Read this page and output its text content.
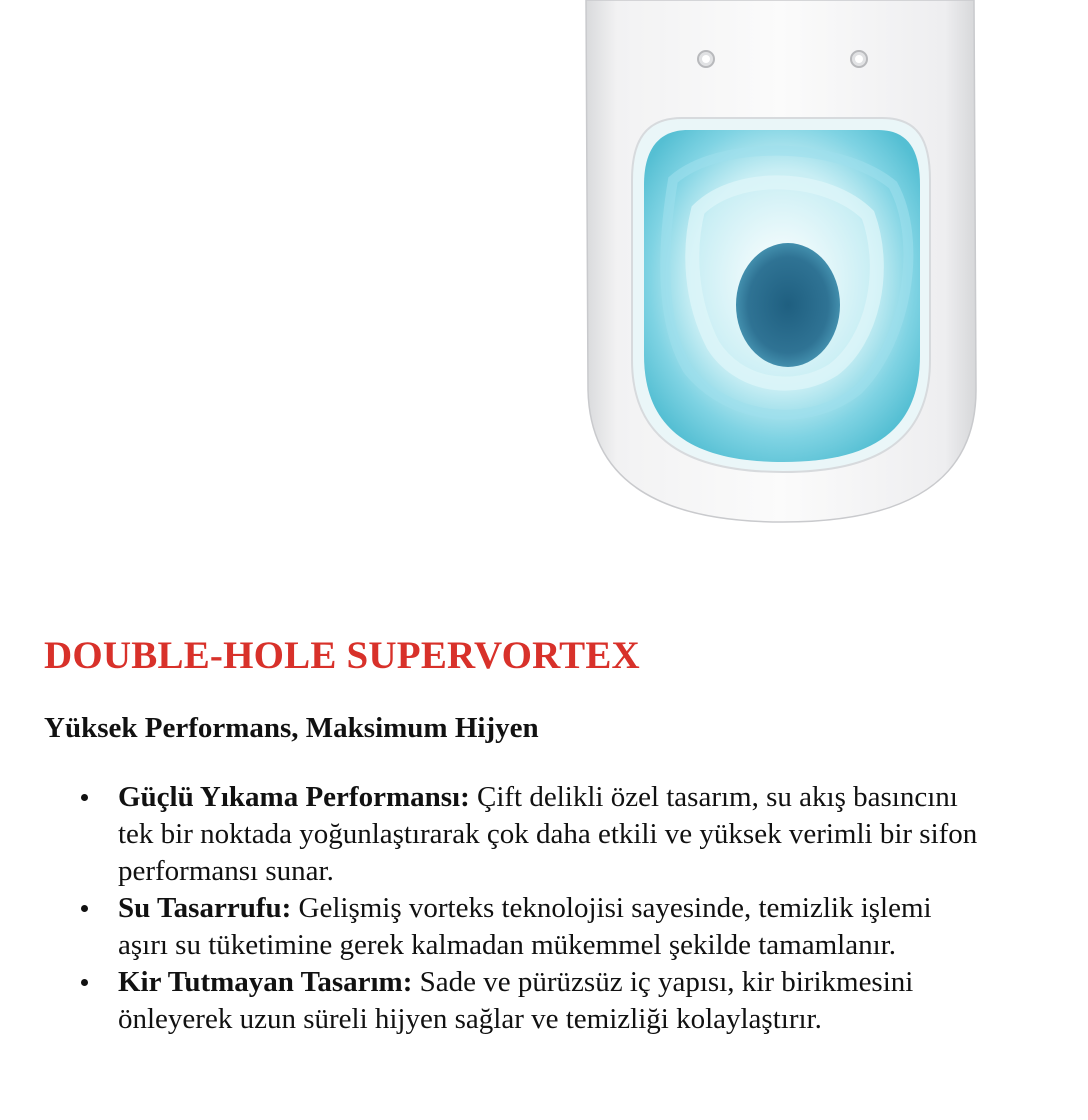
DOUBLE-HOLE SUPERVORTEX
Yüksek Performans, Maksimum Hijyen
Güçlü Yıkama Performansı: Çift delikli özel tasarım, su akış basıncını tek bir noktada yoğunlaştırarak çok daha etkili ve yüksek verimli bir sifon performansı sunar.
Su Tasarrufu: Gelişmiş vorteks teknolojisi sayesinde, temizlik işlemi aşırı su tüketimine gerek kalmadan mükemmel şekilde tamamlanır.
Kir Tutmayan Tasarım: Sade ve pürüzsüz iç yapısı, kir birikmesini önleyerek uzun süreli hijyen sağlar ve temizliği kolaylaştırır.
